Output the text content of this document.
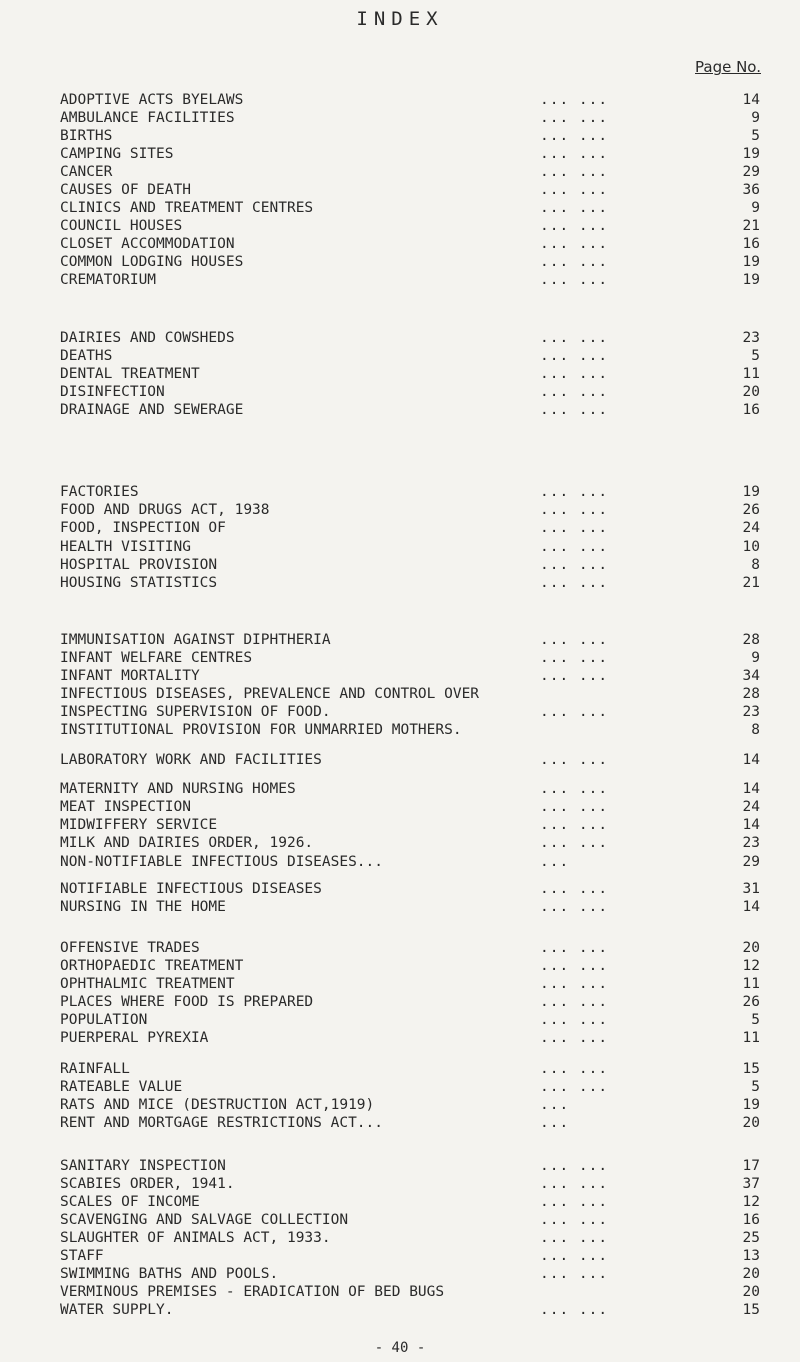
INDEX
Page No.
ADOPTIVE ACTS BYELAWS	... ...	14
AMBULANCE FACILITIES	... ...	9
BIRTHS	... ...	5
CAMPING SITES	... ...	19
CANCER	... ...	29
CAUSES OF DEATH	... ...	36
CLINICS AND TREATMENT CENTRES	... ...	9
COUNCIL HOUSES	... ...	21
CLOSET ACCOMMODATION	... ...	16
COMMON LODGING HOUSES	... ...	19
CREMATORIUM	... ...	19
DAIRIES AND COWSHEDS	... ...	23
DEATHS	... ...	5
DENTAL TREATMENT	... ...	11
DISINFECTION	... ...	20
DRAINAGE AND SEWERAGE	... ...	16
FACTORIES	... ...	19
FOOD AND DRUGS ACT, 1938	... ...	26
FOOD, INSPECTION OF	... ...	24
HEALTH VISITING	... ...	10
HOSPITAL PROVISION	... ...	8
HOUSING STATISTICS	... ...	21
IMMUNISATION AGAINST DIPHTHERIA	... ...	28
INFANT WELFARE CENTRES	... ...	9
INFANT MORTALITY	... ...	34
INFECTIOUS DISEASES, PREVALENCE AND CONTROL OVER	28
INSPECTING SUPERVISION OF FOOD.	... ...	23
INSTITUTIONAL PROVISION FOR UNMARRIED MOTHERS.	8
LABORATORY WORK AND FACILITIES	... ...	14
MATERNITY AND NURSING HOMES	... ...	14
MEAT INSPECTION	... ...	24
MIDWIFFERY SERVICE	... ...	14
MILK AND DAIRIES ORDER, 1926.	... ...	23
NON-NOTIFIABLE INFECTIOUS DISEASES...	...	29
NOTIFIABLE INFECTIOUS DISEASES	... ...	31
NURSING IN THE HOME	... ...	14
OFFENSIVE TRADES	... ...	20
ORTHOPAEDIC TREATMENT	... ...	12
OPHTHALMIC TREATMENT	... ...	11
PLACES WHERE FOOD IS PREPARED	... ...	26
POPULATION	... ...	5
PUERPERAL PYREXIA	... ...	11
RAINFALL	... ...	15
RATEABLE VALUE	... ...	5
RATS AND MICE (DESTRUCTION ACT,1919)	...	19
RENT AND MORTGAGE RESTRICTIONS ACT...	...	20
SANITARY INSPECTION	... ...	17
SCABIES ORDER, 1941.	... ...	37
SCALES OF INCOME	... ...	12
SCAVENGING AND SALVAGE COLLECTION	... ...	16
SLAUGHTER OF ANIMALS ACT, 1933.	... ...	25
STAFF	... ...	13
SWIMMING BATHS AND POOLS.	... ...	20
VERMINOUS PREMISES - ERADICATION OF BED BUGS	20
WATER SUPPLY.	... ...	15
- 40 -
